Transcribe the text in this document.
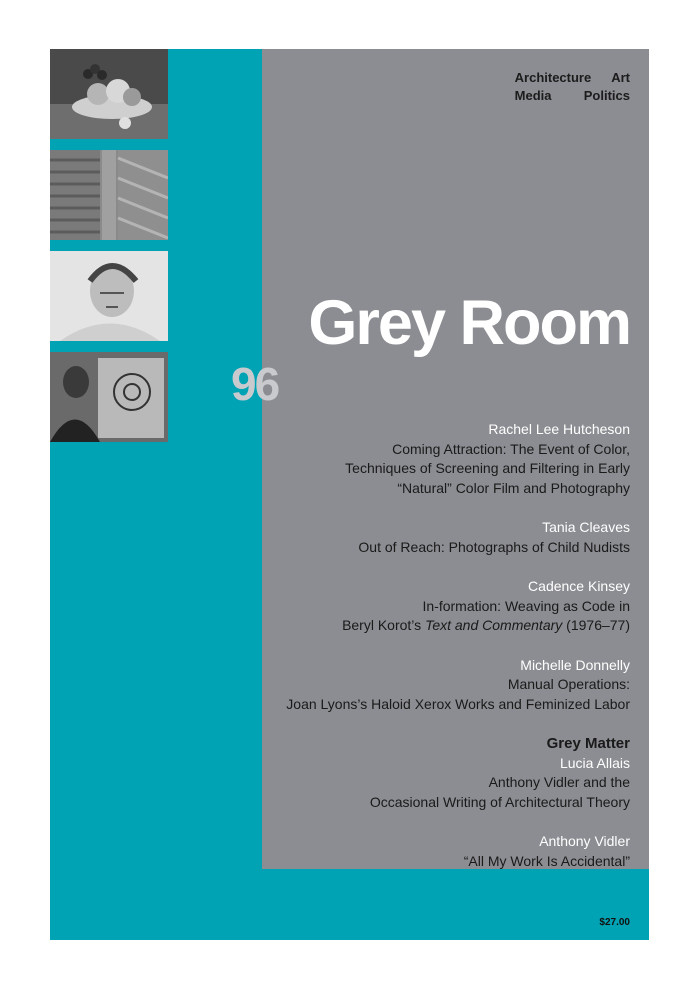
Architecture Art
Media Politics
Grey Room
Rachel Lee Hutcheson
Coming Attraction: The Event of Color,
Techniques of Screening and Filtering in Early
“Natural” Color Film and Photography
Tania Cleaves
Out of Reach: Photographs of Child Nudists
Cadence Kinsey
In-formation: Weaving as Code in
Beryl Korot’s Text and Commentary (1976–77)
Michelle Donnelly
Manual Operations:
Joan Lyons’s Haloid Xerox Works and Feminized Labor
Grey Matter
Lucia Allais
Anthony Vidler and the
Occasional Writing of Architectural Theory
Anthony Vidler
“All My Work Is Accidental”
96
$27.00
